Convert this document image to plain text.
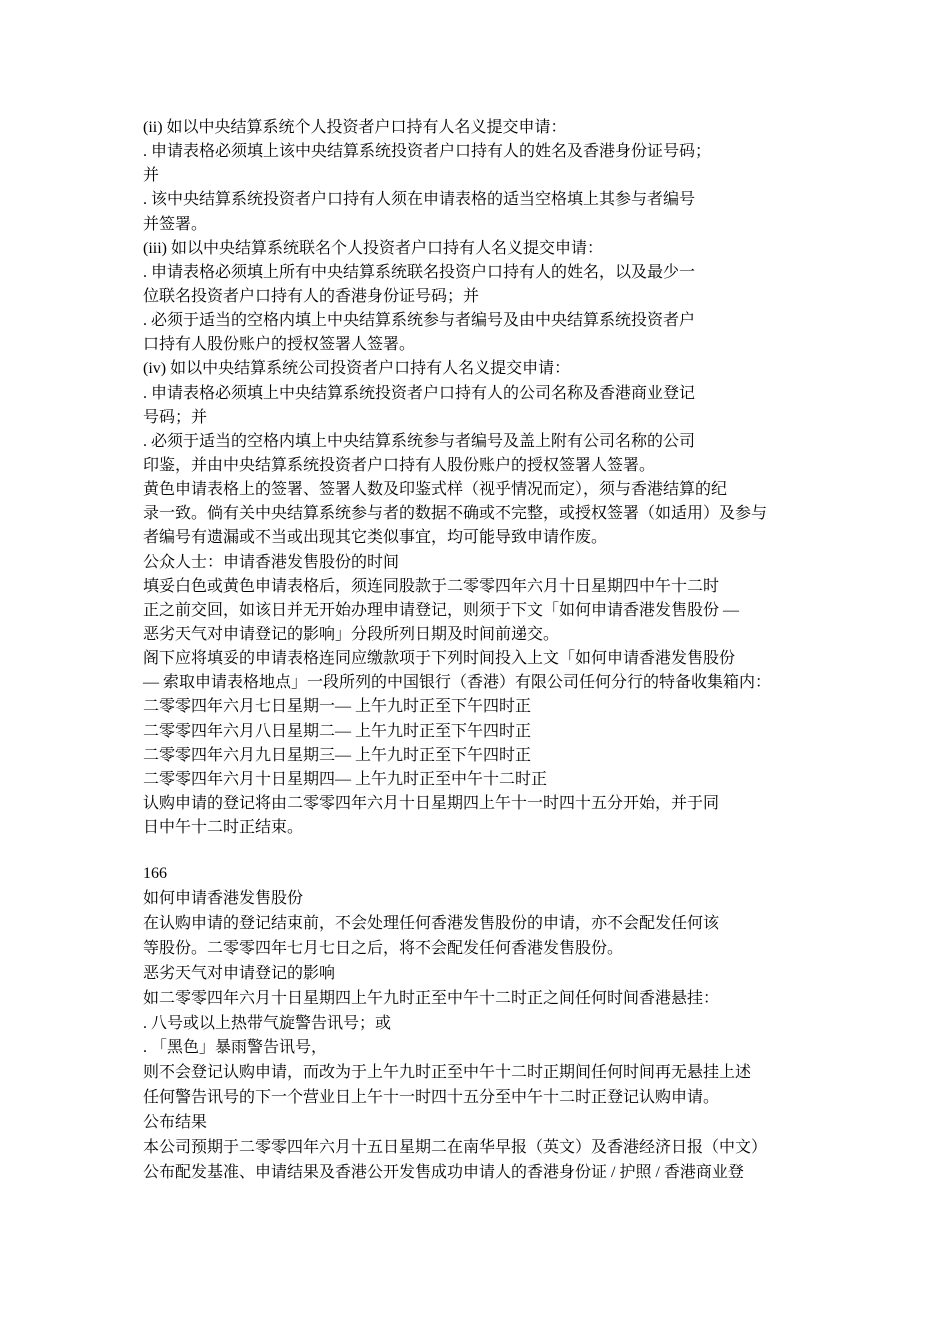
(ii) 如以中央结算系统个人投资者户口持有人名义提交申请：
. 申请表格必须填上该中央结算系统投资者户口持有人的姓名及香港身份证号码；
并
. 该中央结算系统投资者户口持有人须在申请表格的适当空格填上其参与者编号
并签署。
(iii) 如以中央结算系统联名个人投资者户口持有人名义提交申请：
. 申请表格必须填上所有中央结算系统联名投资户口持有人的姓名，以及最少一
位联名投资者户口持有人的香港身份证号码；并
. 必须于适当的空格内填上中央结算系统参与者编号及由中央结算系统投资者户
口持有人股份账户的授权签署人签署。
(iv) 如以中央结算系统公司投资者户口持有人名义提交申请：
. 申请表格必须填上中央结算系统投资者户口持有人的公司名称及香港商业登记
号码；并
. 必须于适当的空格内填上中央结算系统参与者编号及盖上附有公司名称的公司
印鉴，并由中央结算系统投资者户口持有人股份账户的授权签署人签署。
黄色申请表格上的签署、签署人数及印鉴式样（视乎情况而定），须与香港结算的纪
录一致。倘有关中央结算系统参与者的数据不确或不完整，或授权签署（如适用）及参与
者编号有遗漏或不当或出现其它类似事宜，均可能导致申请作废。
公众人士：申请香港发售股份的时间
填妥白色或黄色申请表格后，须连同股款于二零零四年六月十日星期四中午十二时
正之前交回，如该日并无开始办理申请登记，则须于下文「如何申请香港发售股份 —
恶劣天气对申请登记的影响」分段所列日期及时间前递交。
阁下应将填妥的申请表格连同应缴款项于下列时间投入上文「如何申请香港发售股份
— 索取申请表格地点」一段所列的中国银行（香港）有限公司任何分行的特备收集箱内：
二零零四年六月七日星期一— 上午九时正至下午四时正
二零零四年六月八日星期二— 上午九时正至下午四时正
二零零四年六月九日星期三— 上午九时正至下午四时正
二零零四年六月十日星期四— 上午九时正至中午十二时正
认购申请的登记将由二零零四年六月十日星期四上午十一时四十五分开始，并于同
日中午十二时正结束。
166
如何申请香港发售股份
在认购申请的登记结束前，不会处理任何香港发售股份的申请，亦不会配发任何该
等股份。二零零四年七月七日之后，将不会配发任何香港发售股份。
恶劣天气对申请登记的影响
如二零零四年六月十日星期四上午九时正至中午十二时正之间任何时间香港悬挂：
. 八号或以上热带气旋警告讯号；或
. 「黑色」暴雨警告讯号，
则不会登记认购申请，而改为于上午九时正至中午十二时正期间任何时间再无悬挂上述
任何警告讯号的下一个营业日上午十一时四十五分至中午十二时正登记认购申请。
公布结果
本公司预期于二零零四年六月十五日星期二在南华早报（英文）及香港经济日报（中文）
公布配发基准、申请结果及香港公开发售成功申请人的香港身份证 / 护照 / 香港商业登
